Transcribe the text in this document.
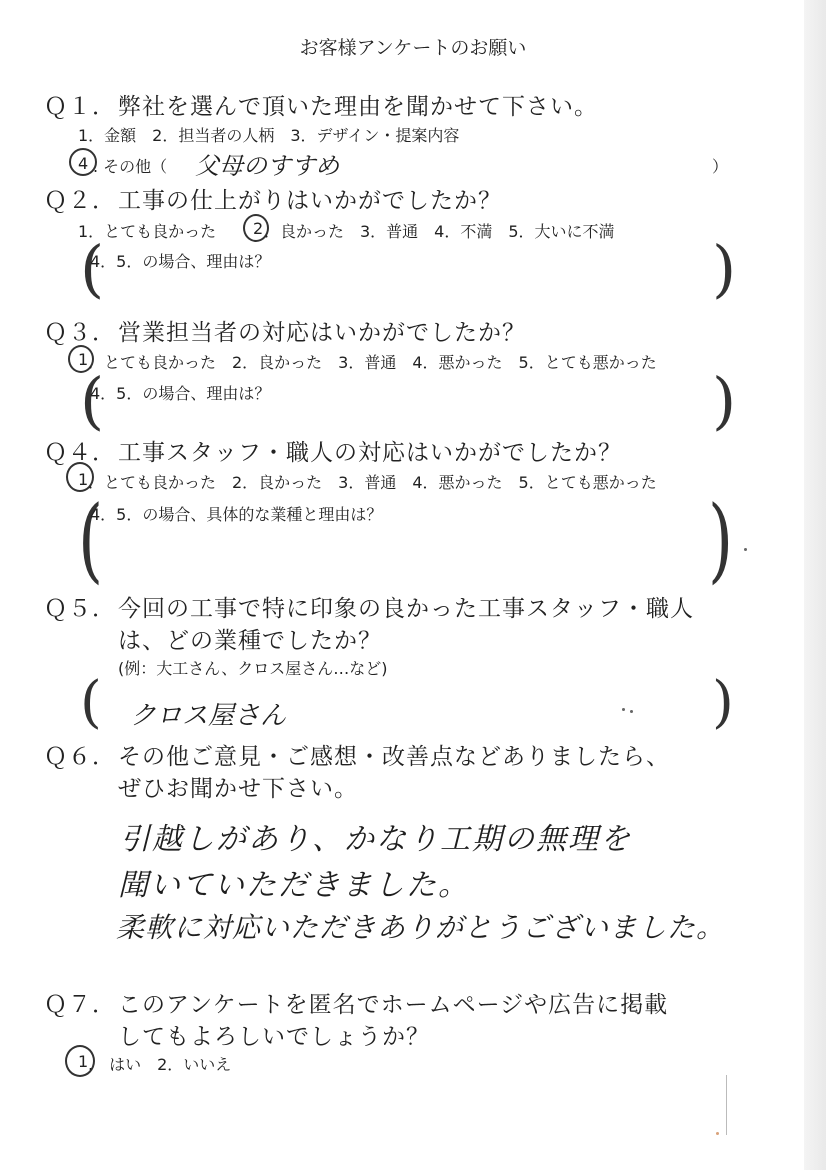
お客様アンケートのお願い
Ｑ１． 弊社を選んで頂いた理由を聞かせて下さい。
1．金額　2．担当者の人柄　3．デザイン・提案内容
4 . その他（ 父母のすすめ	）
Ｑ２． 工事の仕上がりはいかがでしたか？
1．とても良かった 2 ．良かった　3．普通　4．不満　5．大いに不満
(
4．5．の場合、理由は？	)
Ｑ３． 営業担当者の対応はいかがでしたか？
1 ．とても良かった　2．良かった　3．普通　4．悪かった　5．とても悪かった
(
4．5．の場合、理由は？	)
Ｑ４． 工事スタッフ・職人の対応はいかがでしたか？
1 ．とても良かった　2．良かった　3．普通　4．悪かった　5．とても悪かった
(
4．5．の場合、具体的な業種と理由は？	)
Ｑ５． 今回の工事で特に印象の良かった工事スタッフ・職人
は、どの業種でしたか？
(例：大工さん、クロス屋さん…など)
( クロス屋さん	)
Ｑ６． その他ご意見・ご感想・改善点などありましたら、
ぜひお聞かせ下さい。
引越しがあり、かなり工期の無理を
聞いていただきました。
柔軟に対応いただきありがとうございました。
Ｑ７． このアンケートを匿名でホームページや広告に掲載
してもよろしいでしょうか？
1 .　はい　2．いいえ
